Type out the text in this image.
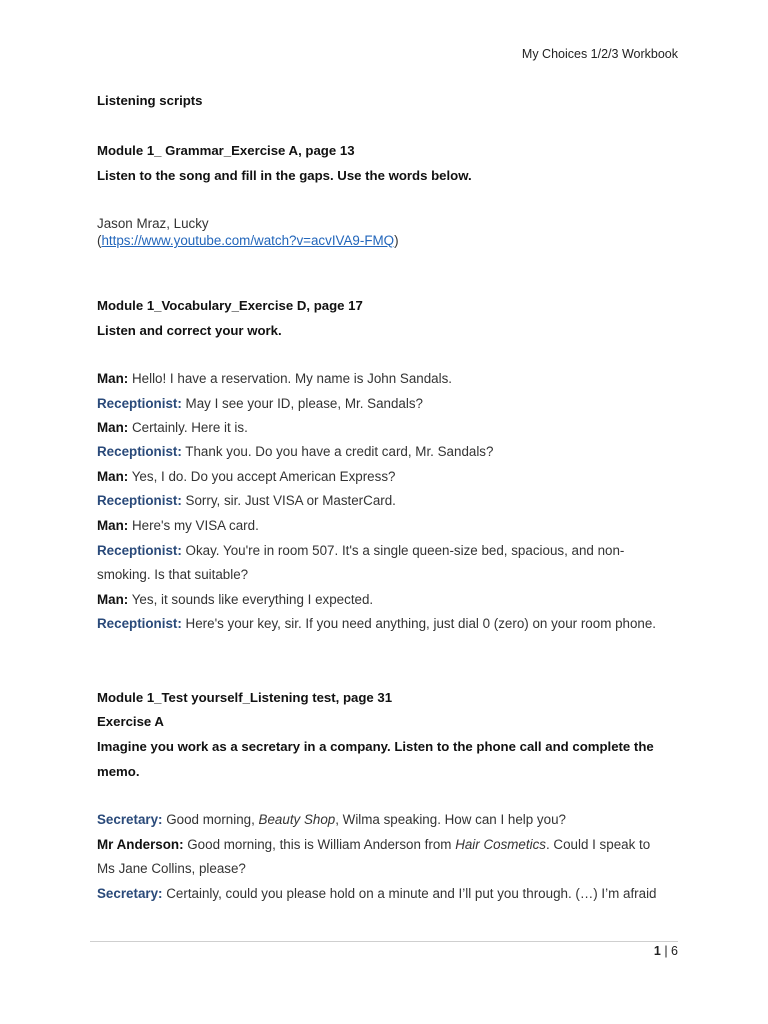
My Choices 1/2/3 Workbook
Listening scripts
Module 1_ Grammar_Exercise A, page 13
Listen to the song and fill in the gaps. Use the words below.
Jason Mraz, Lucky
(https://www.youtube.com/watch?v=acvIVA9-FMQ)
Module 1_Vocabulary_Exercise D, page 17
Listen and correct your work.
Man: Hello! I have a reservation. My name is John Sandals.
Receptionist: May I see your ID, please, Mr. Sandals?
Man: Certainly. Here it is.
Receptionist: Thank you. Do you have a credit card, Mr. Sandals?
Man: Yes, I do. Do you accept American Express?
Receptionist: Sorry, sir. Just VISA or MasterCard.
Man: Here's my VISA card.
Receptionist: Okay. You're in room 507. It's a single queen-size bed, spacious, and non-
smoking. Is that suitable?
Man: Yes, it sounds like everything I expected.
Receptionist: Here's your key, sir. If you need anything, just dial 0 (zero) on your room phone.
Module 1_Test yourself_Listening test, page 31
Exercise A
Imagine you work as a secretary in a company. Listen to the phone call and complete the
memo.
Secretary: Good morning, Beauty Shop, Wilma speaking. How can I help you?
Mr Anderson: Good morning, this is William Anderson from Hair Cosmetics. Could I speak to
Ms Jane Collins, please?
Secretary: Certainly, could you please hold on a minute and I’ll put you through. (…) I’m afraid
1 | 6
